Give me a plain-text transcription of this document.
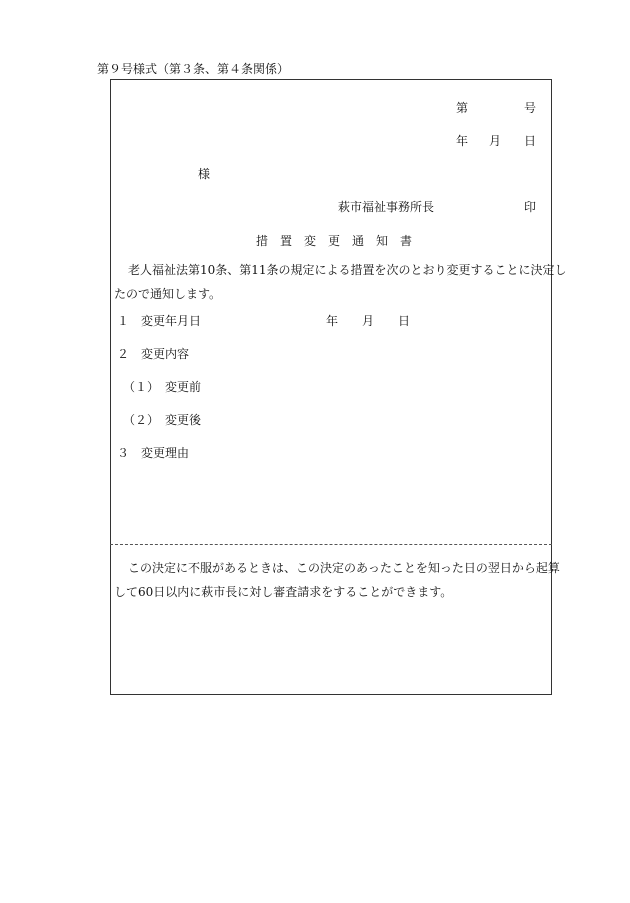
第９号様式（第３条、第４条関係）
第	号
年 月 日
様
萩市福祉事務所長	印
措　置　変　更　通　知　書
老人福祉法第10条、第11条の規定による措置を次のとおり変更することに決定し
たので通知します。
１　変更年月日	年 月 日
２　変更内容
（１）　変更前
（２）　変更後
３　変更理由
この決定に不服があるときは、この決定のあったことを知った日の翌日から起算
して60日以内に萩市長に対し審査請求をすることができます。
